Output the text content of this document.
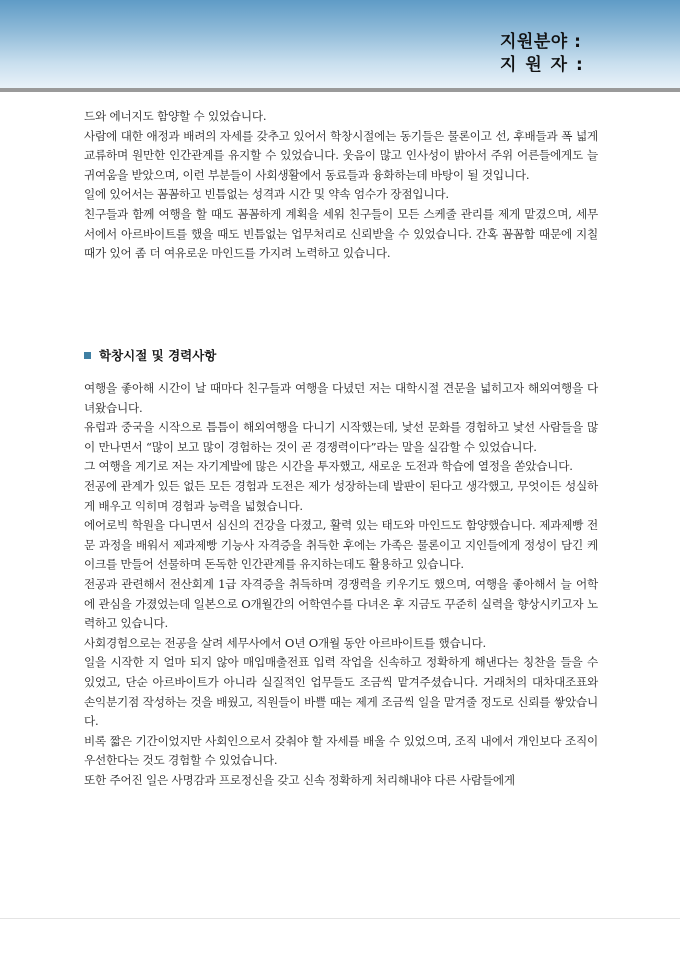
지원분야 :
지 원 자 :
드와 에너지도 함양할 수 있었습니다.
사람에 대한 애정과 배려의 자세를 갖추고 있어서 학창시절에는 동기들은 물론이고 선, 후배들과 폭 넓게 교류하며 원만한 인간관계를 유지할 수 있었습니다. 웃음이 많고 인사성이 밝아서 주위 어른들에게도 늘 귀여움을 받았으며, 이런 부분들이 사회생활에서 동료들과 융화하는데 바탕이 될 것입니다.
일에 있어서는 꼼꼼하고 빈틈없는 성격과 시간 및 약속 엄수가 장점입니다.
친구들과 함께 여행을 할 때도 꼼꼼하게 계획을 세워 친구들이 모든 스케줄 관리를 제게 맡겼으며, 세무서에서 아르바이트를 했을 때도 빈틈없는 업무처리로 신뢰받을 수 있었습니다. 간혹 꼼꼼함 때문에 지칠 때가 있어 좀 더 여유로운 마인드를 가지려 노력하고 있습니다.
학창시절 및 경력사항
여행을 좋아해 시간이 날 때마다 친구들과 여행을 다녔던 저는 대학시절 견문을 넓히고자 해외여행을 다녀왔습니다.
유럽과 중국을 시작으로 틈틈이 해외여행을 다니기 시작했는데, 낯선 문화를 경험하고 낯선 사람들을 많이 만나면서 “많이 보고 많이 경험하는 것이 곧 경쟁력이다”라는 말을 실감할 수 있었습니다.
그 여행을 계기로 저는 자기계발에 많은 시간을 투자했고, 새로운 도전과 학습에 열정을 쏟았습니다.
전공에 관계가 있든 없든 모든 경험과 도전은 제가 성장하는데 발판이 된다고 생각했고, 무엇이든 성실하게 배우고 익히며 경험과 능력을 넓혔습니다.
에어로빅 학원을 다니면서 심신의 건강을 다졌고, 활력 있는 태도와 마인드도 함양했습니다. 제과제빵 전문 과정을 배워서 제과제빵 기능사 자격증을 취득한 후에는 가족은 물론이고 지인들에게 정성이 담긴 케이크를 만들어 선물하며 돈독한 인간관계를 유지하는데도 활용하고 있습니다.
전공과 관련해서 전산회계 1급 자격증을 취득하며 경쟁력을 키우기도 했으며, 여행을 좋아해서 늘 어학에 관심을 가졌었는데 일본으로 O개월간의 어학연수를 다녀온 후 지금도 꾸준히 실력을 향상시키고자 노력하고 있습니다.
사회경험으로는 전공을 살려 세무사에서 O년 O개월 동안 아르바이트를 했습니다.
일을 시작한 지 얼마 되지 않아 매입매출전표 입력 작업을 신속하고 정확하게 해낸다는 칭찬을 들을 수 있었고, 단순 아르바이트가 아니라 실질적인 업무들도 조금씩 맡겨주셨습니다. 거래처의 대차대조표와 손익분기점 작성하는 것을 배웠고, 직원들이 바쁠 때는 제게 조금씩 일을 맡겨줄 정도로 신뢰를 쌓았습니다.
비록 짧은 기간이었지만 사회인으로서 갖춰야 할 자세를 배울 수 있었으며, 조직 내에서 개인보다 조직이 우선한다는 것도 경험할 수 있었습니다.
또한 주어진 일은 사명감과 프로정신을 갖고 신속 정확하게 처리해내야 다른 사람들에게
